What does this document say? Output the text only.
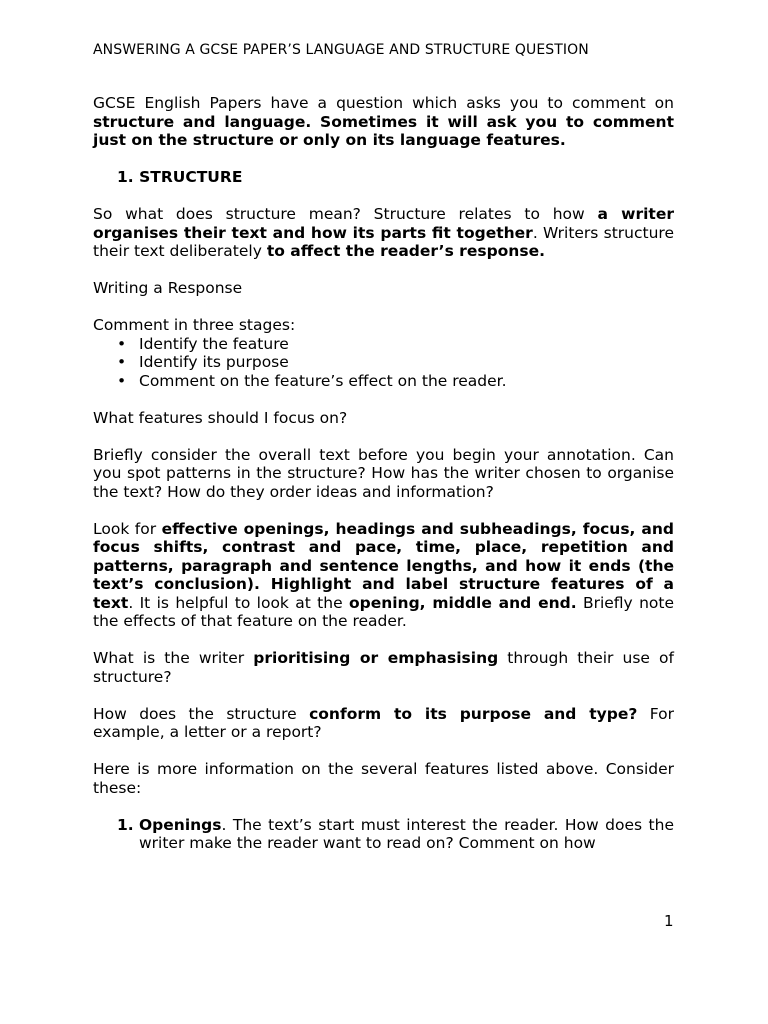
ANSWERING A GCSE PAPER’S LANGUAGE AND STRUCTURE QUESTION

GCSE English Papers have a question which asks you to comment on structure and language. Sometimes it will ask you to comment just on the structure or only on its language features.

1. STRUCTURE

So what does structure mean? Structure relates to how a writer organises their text and how its parts fit together. Writers structure their text deliberately to affect the reader’s response.

Writing a Response

Comment in three stages:

• Identify the feature
• Identify its purpose
• Comment on the feature’s effect on the reader.

What features should I focus on?

Briefly consider the overall text before you begin your annotation. Can you spot patterns in the structure? How has the writer chosen to organise the text? How do they order ideas and information?

Look for effective openings, headings and subheadings, focus, and focus shifts, contrast and pace, time, place, repetition and patterns, paragraph and sentence lengths, and how it ends (the text’s conclusion). Highlight and label structure features of a text. It is helpful to look at the opening, middle and end. Briefly note the effects of that feature on the reader.

What is the writer prioritising or emphasising through their use of structure?

How does the structure conform to its purpose and type? For example, a letter or a report?

Here is more information on the several features listed above. Consider these:

1. Openings. The text’s start must interest the reader. How does the writer make the reader want to read on? Comment on how
1
